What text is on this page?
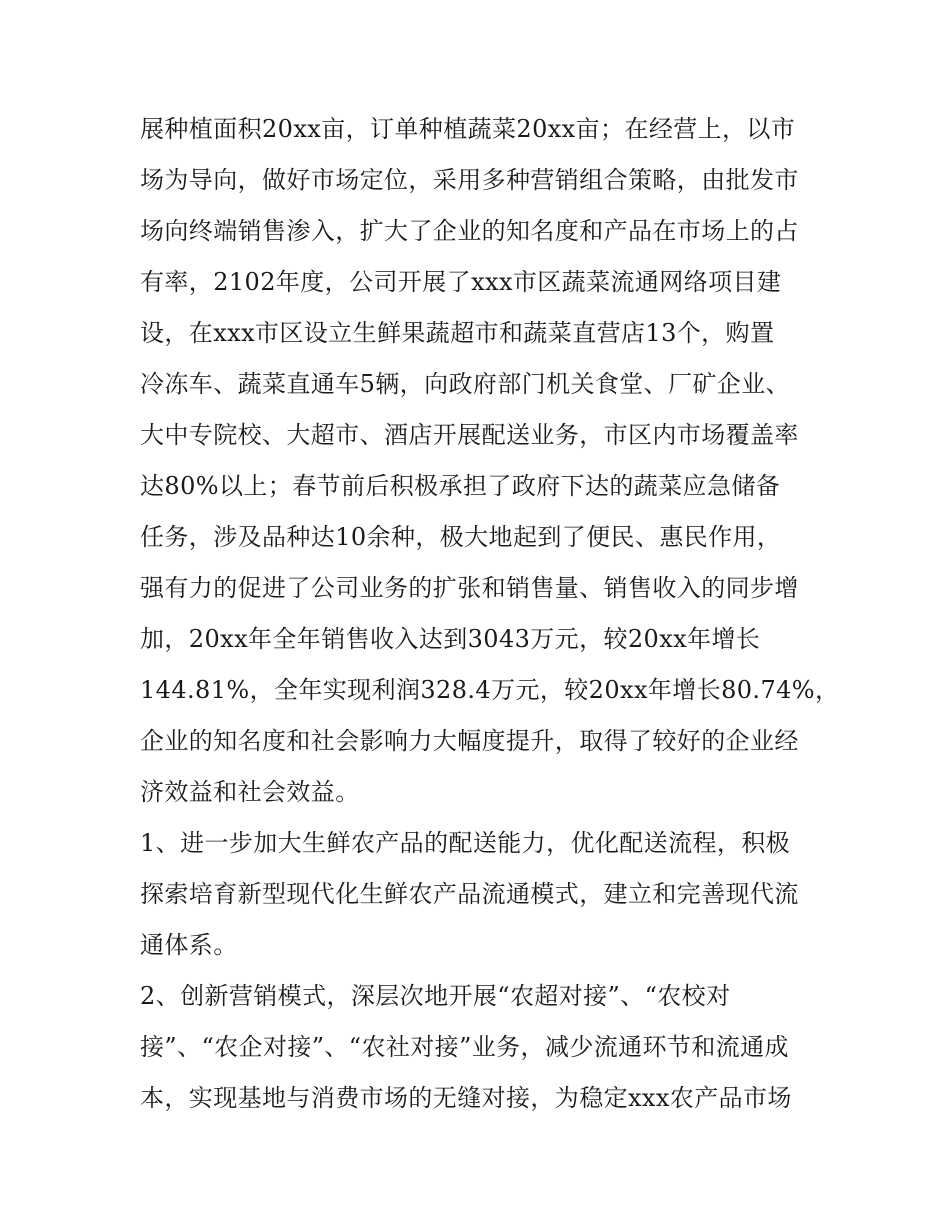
展种植面积20xx亩，订单种植蔬菜20xx亩；在经营上，以市
场为导向，做好市场定位，采用多种营销组合策略，由批发市
场向终端销售渗入，扩大了企业的知名度和产品在市场上的占
有率，2102年度，公司开展了xxx市区蔬菜流通网络项目建
设，在xxx市区设立生鲜果蔬超市和蔬菜直营店13个，购置
冷冻车、蔬菜直通车5辆，向政府部门机关食堂、厂矿企业、
大中专院校、大超市、酒店开展配送业务，市区内市场覆盖率
达80%以上；春节前后积极承担了政府下达的蔬菜应急储备
任务，涉及品种达10余种，极大地起到了便民、惠民作用，
强有力的促进了公司业务的扩张和销售量、销售收入的同步增
加，20xx年全年销售收入达到3043万元，较20xx年增长
144.81%，全年实现利润328.4万元，较20xx年增长80.74%，
企业的知名度和社会影响力大幅度提升，取得了较好的企业经
济效益和社会效益。
1、进一步加大生鲜农产品的配送能力，优化配送流程，积极
探索培育新型现代化生鲜农产品流通模式，建立和完善现代流
通体系。
2、创新营销模式，深层次地开展“农超对接”、“农校对
接”、“农企对接”、“农社对接”业务，减少流通环节和流通成
本，实现基地与消费市场的无缝对接，为稳定xxx农产品市场
